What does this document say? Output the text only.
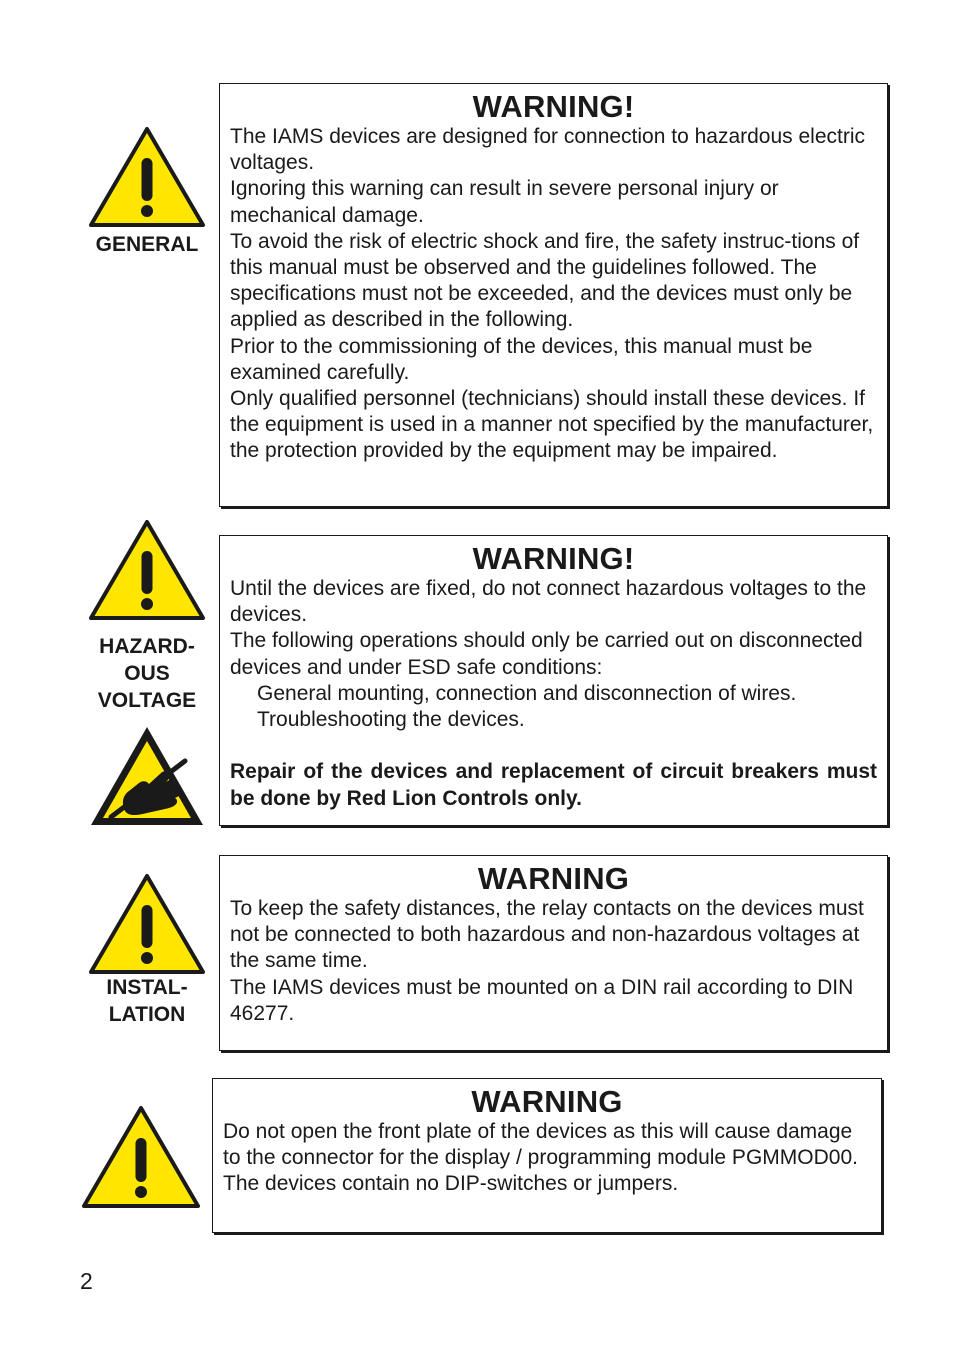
GENERAL
WARNING!

The IAMS devices are designed for connection to hazardous electric voltages.

Ignoring this warning can result in severe personal injury or mechanical damage.

To avoid the risk of electric shock and fire, the safety instruc-tions of this manual must be observed and the guidelines followed. The specifications must not be exceeded, and the devices must only be applied as described in the following.

Prior to the commissioning of the devices, this manual must be examined carefully.

Only qualified personnel (technicians) should install these devices. If the equipment is used in a manner not specified by the manufacturer, the protection provided by the equipment may be impaired.

HAZARD-
OUS
VOLTAGE
WARNING!

Until the devices are fixed, do not connect hazardous voltages to the devices.

The following operations should only be carried out on disconnected devices and under ESD safe conditions:

General mounting, connection and disconnection of wires.

Troubleshooting the devices.

Repair of the devices and replacement of circuit breakers must be done by Red Lion Controls only.

INSTAL-
LATION
WARNING

To keep the safety distances, the relay contacts on the devices must not be connected to both hazardous and non-hazardous voltages at the same time.

The IAMS devices must be mounted on a DIN rail according to DIN 46277.

WARNING

Do not open the front plate of the devices as this will cause damage to the connector for the display / programming module PGMMOD00. The devices contain no DIP-switches or jumpers.

2
